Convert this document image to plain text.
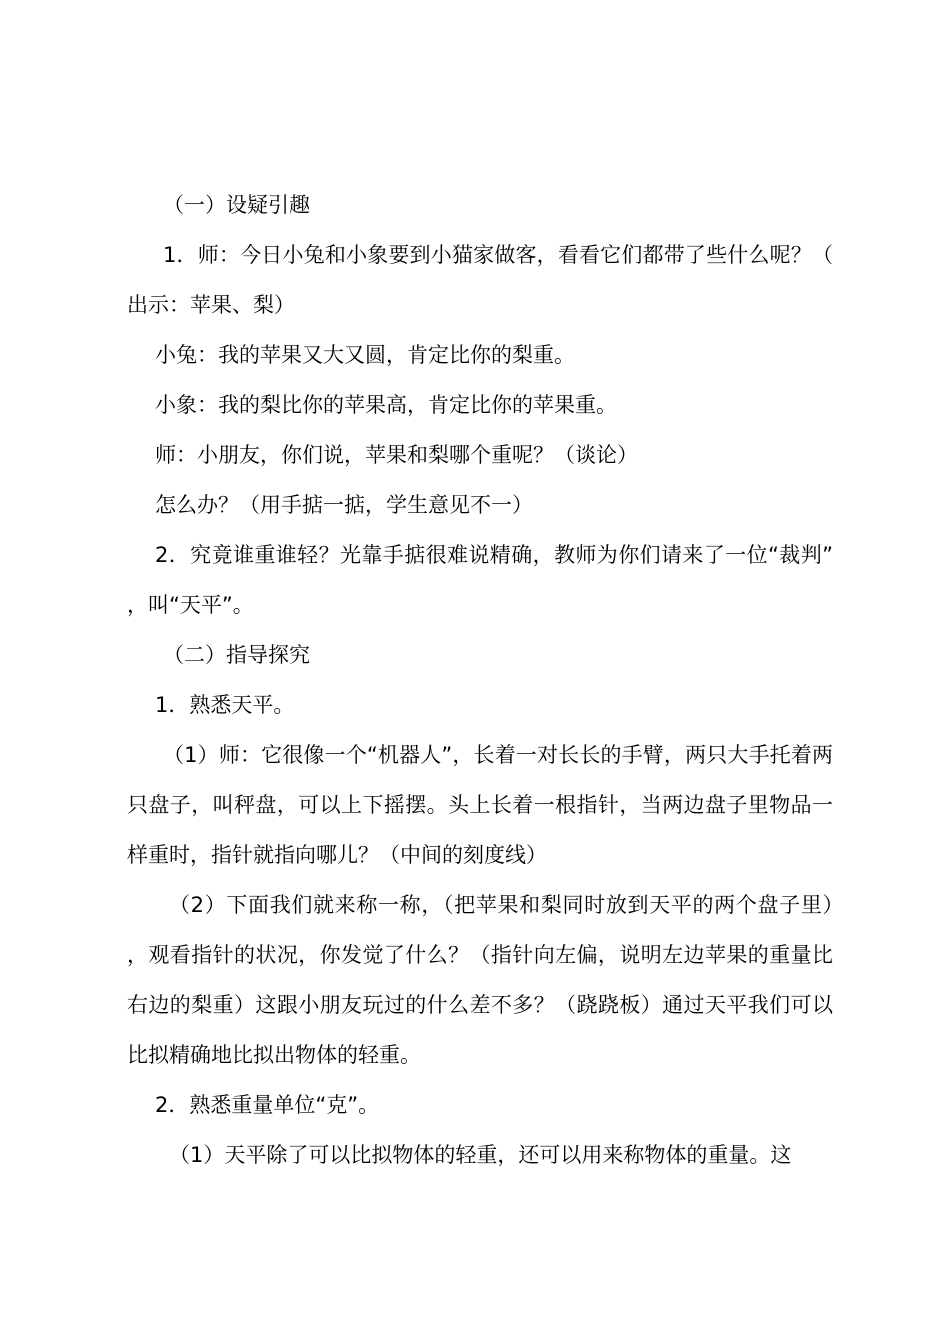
（一）设疑引趣

1．师：今日小兔和小象要到小猫家做客，看看它们都带了些什么呢？（出示：苹果、梨）

小兔：我的苹果又大又圆，肯定比你的梨重。

小象：我的梨比你的苹果高，肯定比你的苹果重。

师：小朋友，你们说，苹果和梨哪个重呢？（谈论）

怎么办？（用手掂一掂，学生意见不一）

2．究竟谁重谁轻？光靠手掂很难说精确，教师为你们请来了一位“裁判”，叫“天平”。

（二）指导探究

1．熟悉天平。

（1）师：它很像一个“机器人”，长着一对长长的手臂，两只大手托着两只盘子，叫秤盘，可以上下摇摆。头上长着一根指针，当两边盘子里物品一样重时，指针就指向哪儿？（中间的刻度线）

（2）下面我们就来称一称，（把苹果和梨同时放到天平的两个盘子里），观看指针的状况，你发觉了什么？（指针向左偏，说明左边苹果的重量比右边的梨重）这跟小朋友玩过的什么差不多？（跷跷板）通过天平我们可以比拟精确地比拟出物体的轻重。

2．熟悉重量单位“克”。

（1）天平除了可以比拟物体的轻重，还可以用来称物体的重量。这
